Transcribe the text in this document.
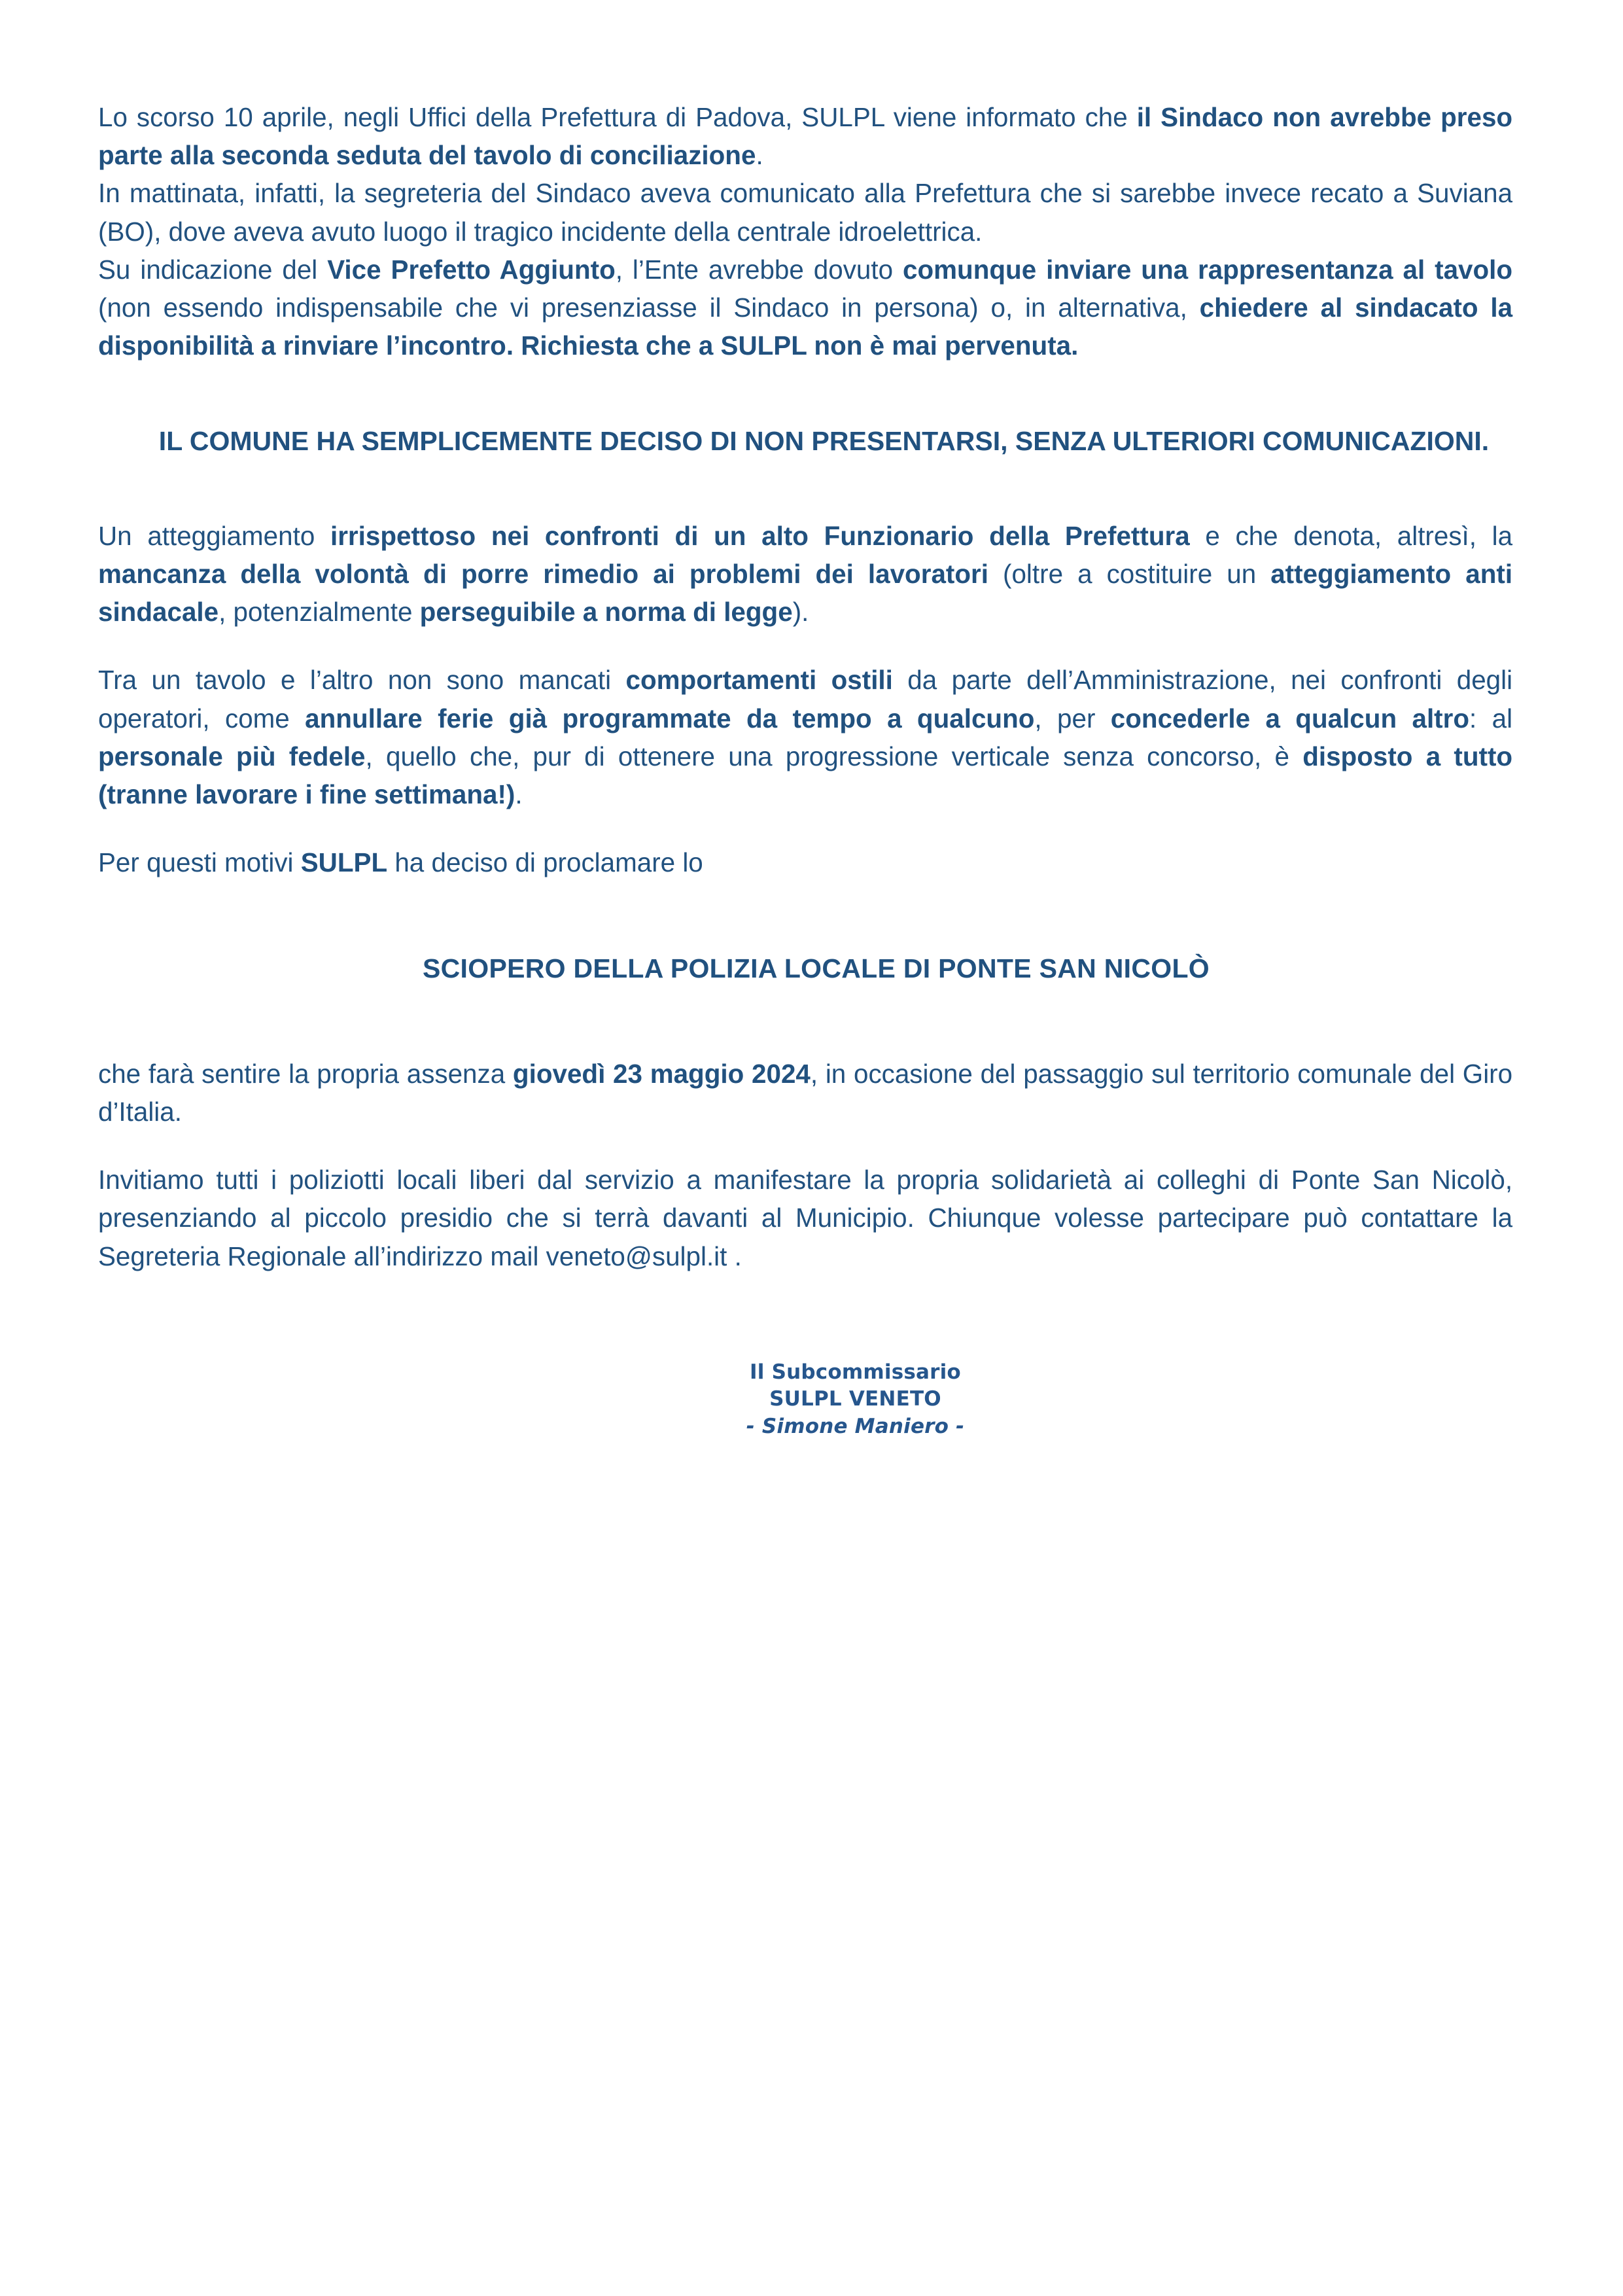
Lo scorso 10 aprile, negli Uffici della Prefettura di Padova, SULPL viene informato che il Sindaco non avrebbe preso parte alla seconda seduta del tavolo di conciliazione.

In mattinata, infatti, la segreteria del Sindaco aveva comunicato alla Prefettura che si sarebbe invece recato a Suviana (BO), dove aveva avuto luogo il tragico incidente della centrale idroelettrica.

Su indicazione del Vice Prefetto Aggiunto, l’Ente avrebbe dovuto comunque inviare una rappresentanza al tavolo (non essendo indispensabile che vi presenziasse il Sindaco in persona) o, in alternativa, chiedere al sindacato la disponibilità a rinviare l’incontro. Richiesta che a SULPL non è mai pervenuta.

IL COMUNE HA SEMPLICEMENTE DECISO DI NON PRESENTARSI, SENZA ULTERIORI COMUNICAZIONI.

Un atteggiamento irrispettoso nei confronti di un alto Funzionario della Prefettura e che denota, altresì, la mancanza della volontà di porre rimedio ai problemi dei lavoratori (oltre a costituire un atteggiamento anti sindacale, potenzialmente perseguibile a norma di legge).

Tra un tavolo e l’altro non sono mancati comportamenti ostili da parte dell’Amministrazione, nei confronti degli operatori, come annullare ferie già programmate da tempo a qualcuno, per concederle a qualcun altro: al personale più fedele, quello che, pur di ottenere una progressione verticale senza concorso, è disposto a tutto (tranne lavorare i fine settimana!).

Per questi motivi SULPL ha deciso di proclamare lo

SCIOPERO DELLA POLIZIA LOCALE DI PONTE SAN NICOLÒ

che farà sentire la propria assenza giovedì 23 maggio 2024, in occasione del passaggio sul territorio comunale del Giro d’Italia.

Invitiamo tutti i poliziotti locali liberi dal servizio a manifestare la propria solidarietà ai colleghi di Ponte San Nicolò, presenziando al piccolo presidio che si terrà davanti al Municipio. Chiunque volesse partecipare può contattare la Segreteria Regionale all’indirizzo mail veneto@sulpl.it .

Il Subcommissario
SULPL VENETO
- Simone Maniero -
